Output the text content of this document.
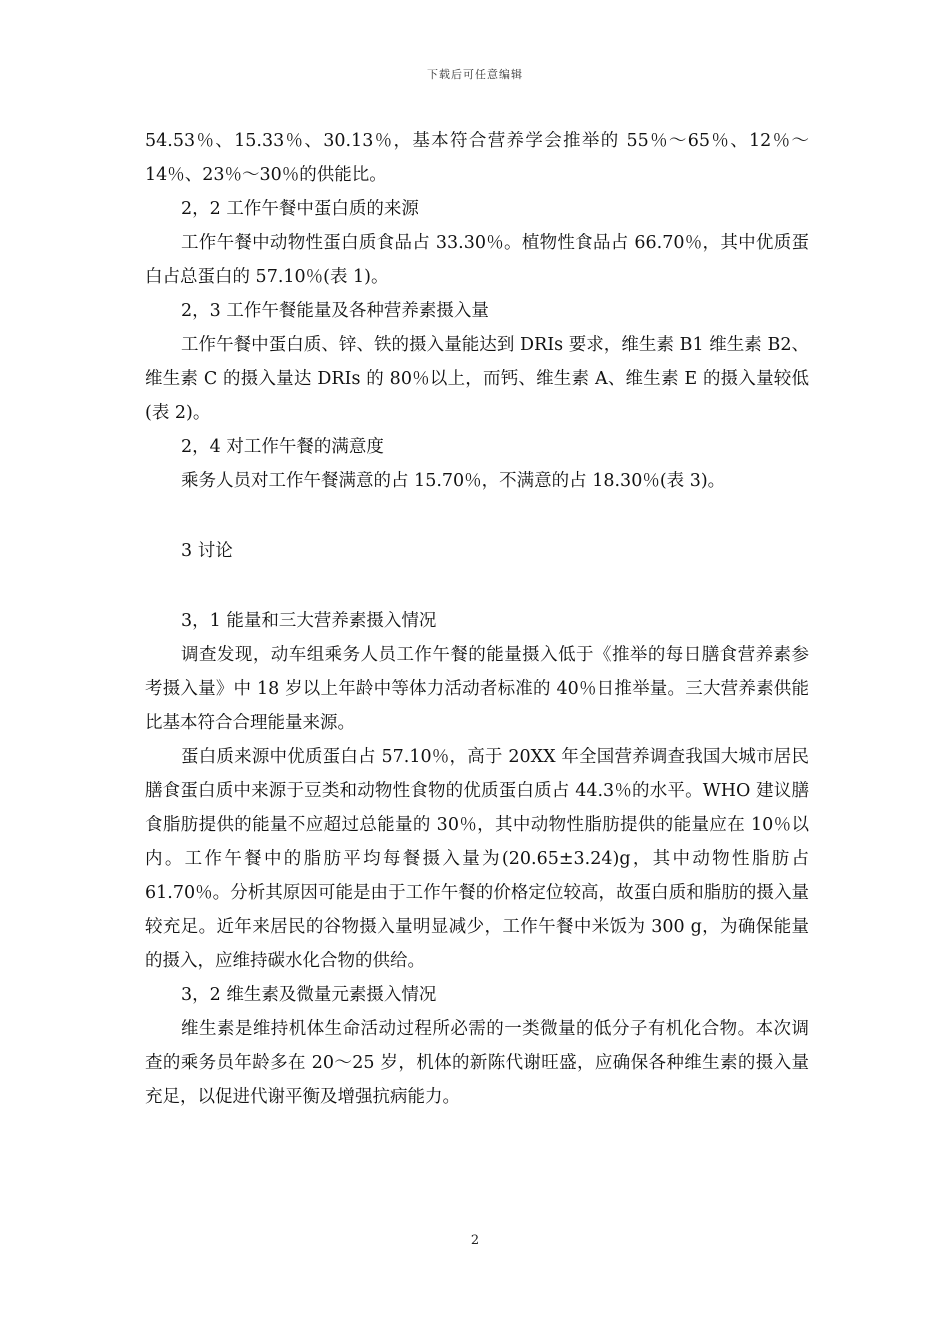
下载后可任意编辑

54.53％、15.33％、30.13％，基本符合营养学会推举的 55％～65％、12％～14％、23％～30％的供能比。

2，2 工作午餐中蛋白质的来源

工作午餐中动物性蛋白质食品占 33.30％。植物性食品占 66.70％，其中优质蛋白占总蛋白的 57.10％(表 1)。

2，3 工作午餐能量及各种营养素摄入量

工作午餐中蛋白质、锌、铁的摄入量能达到 DRIs 要求，维生素 B1 维生素 B2、维生素 C 的摄入量达 DRIs 的 80％以上，而钙、维生素 A、维生素 E 的摄入量较低(表 2)。

2，4 对工作午餐的满意度

乘务人员对工作午餐满意的占 15.70％，不满意的占 18.30％(表 3)。

3 讨论

3，1 能量和三大营养素摄入情况

调查发现，动车组乘务人员工作午餐的能量摄入低于《推举的每日膳食营养素参考摄入量》中 18 岁以上年龄中等体力活动者标准的 40％日推举量。三大营养素供能比基本符合合理能量来源。

蛋白质来源中优质蛋白占 57.10％，高于 20XX 年全国营养调查我国大城市居民膳食蛋白质中来源于豆类和动物性食物的优质蛋白质占 44.3％的水平。WHO 建议膳食脂肪提供的能量不应超过总能量的 30％，其中动物性脂肪提供的能量应在 10％以内。工作午餐中的脂肪平均每餐摄入量为(20.65±3.24)g，其中动物性脂肪占 61.70％。分析其原因可能是由于工作午餐的价格定位较高，故蛋白质和脂肪的摄入量较充足。近年来居民的谷物摄入量明显减少，工作午餐中米饭为 300 g，为确保能量的摄入，应维持碳水化合物的供给。

3，2 维生素及微量元素摄入情况

维生素是维持机体生命活动过程所必需的一类微量的低分子有机化合物。本次调查的乘务员年龄多在 20～25 岁，机体的新陈代谢旺盛，应确保各种维生素的摄入量充足，以促进代谢平衡及增强抗病能力。

2
